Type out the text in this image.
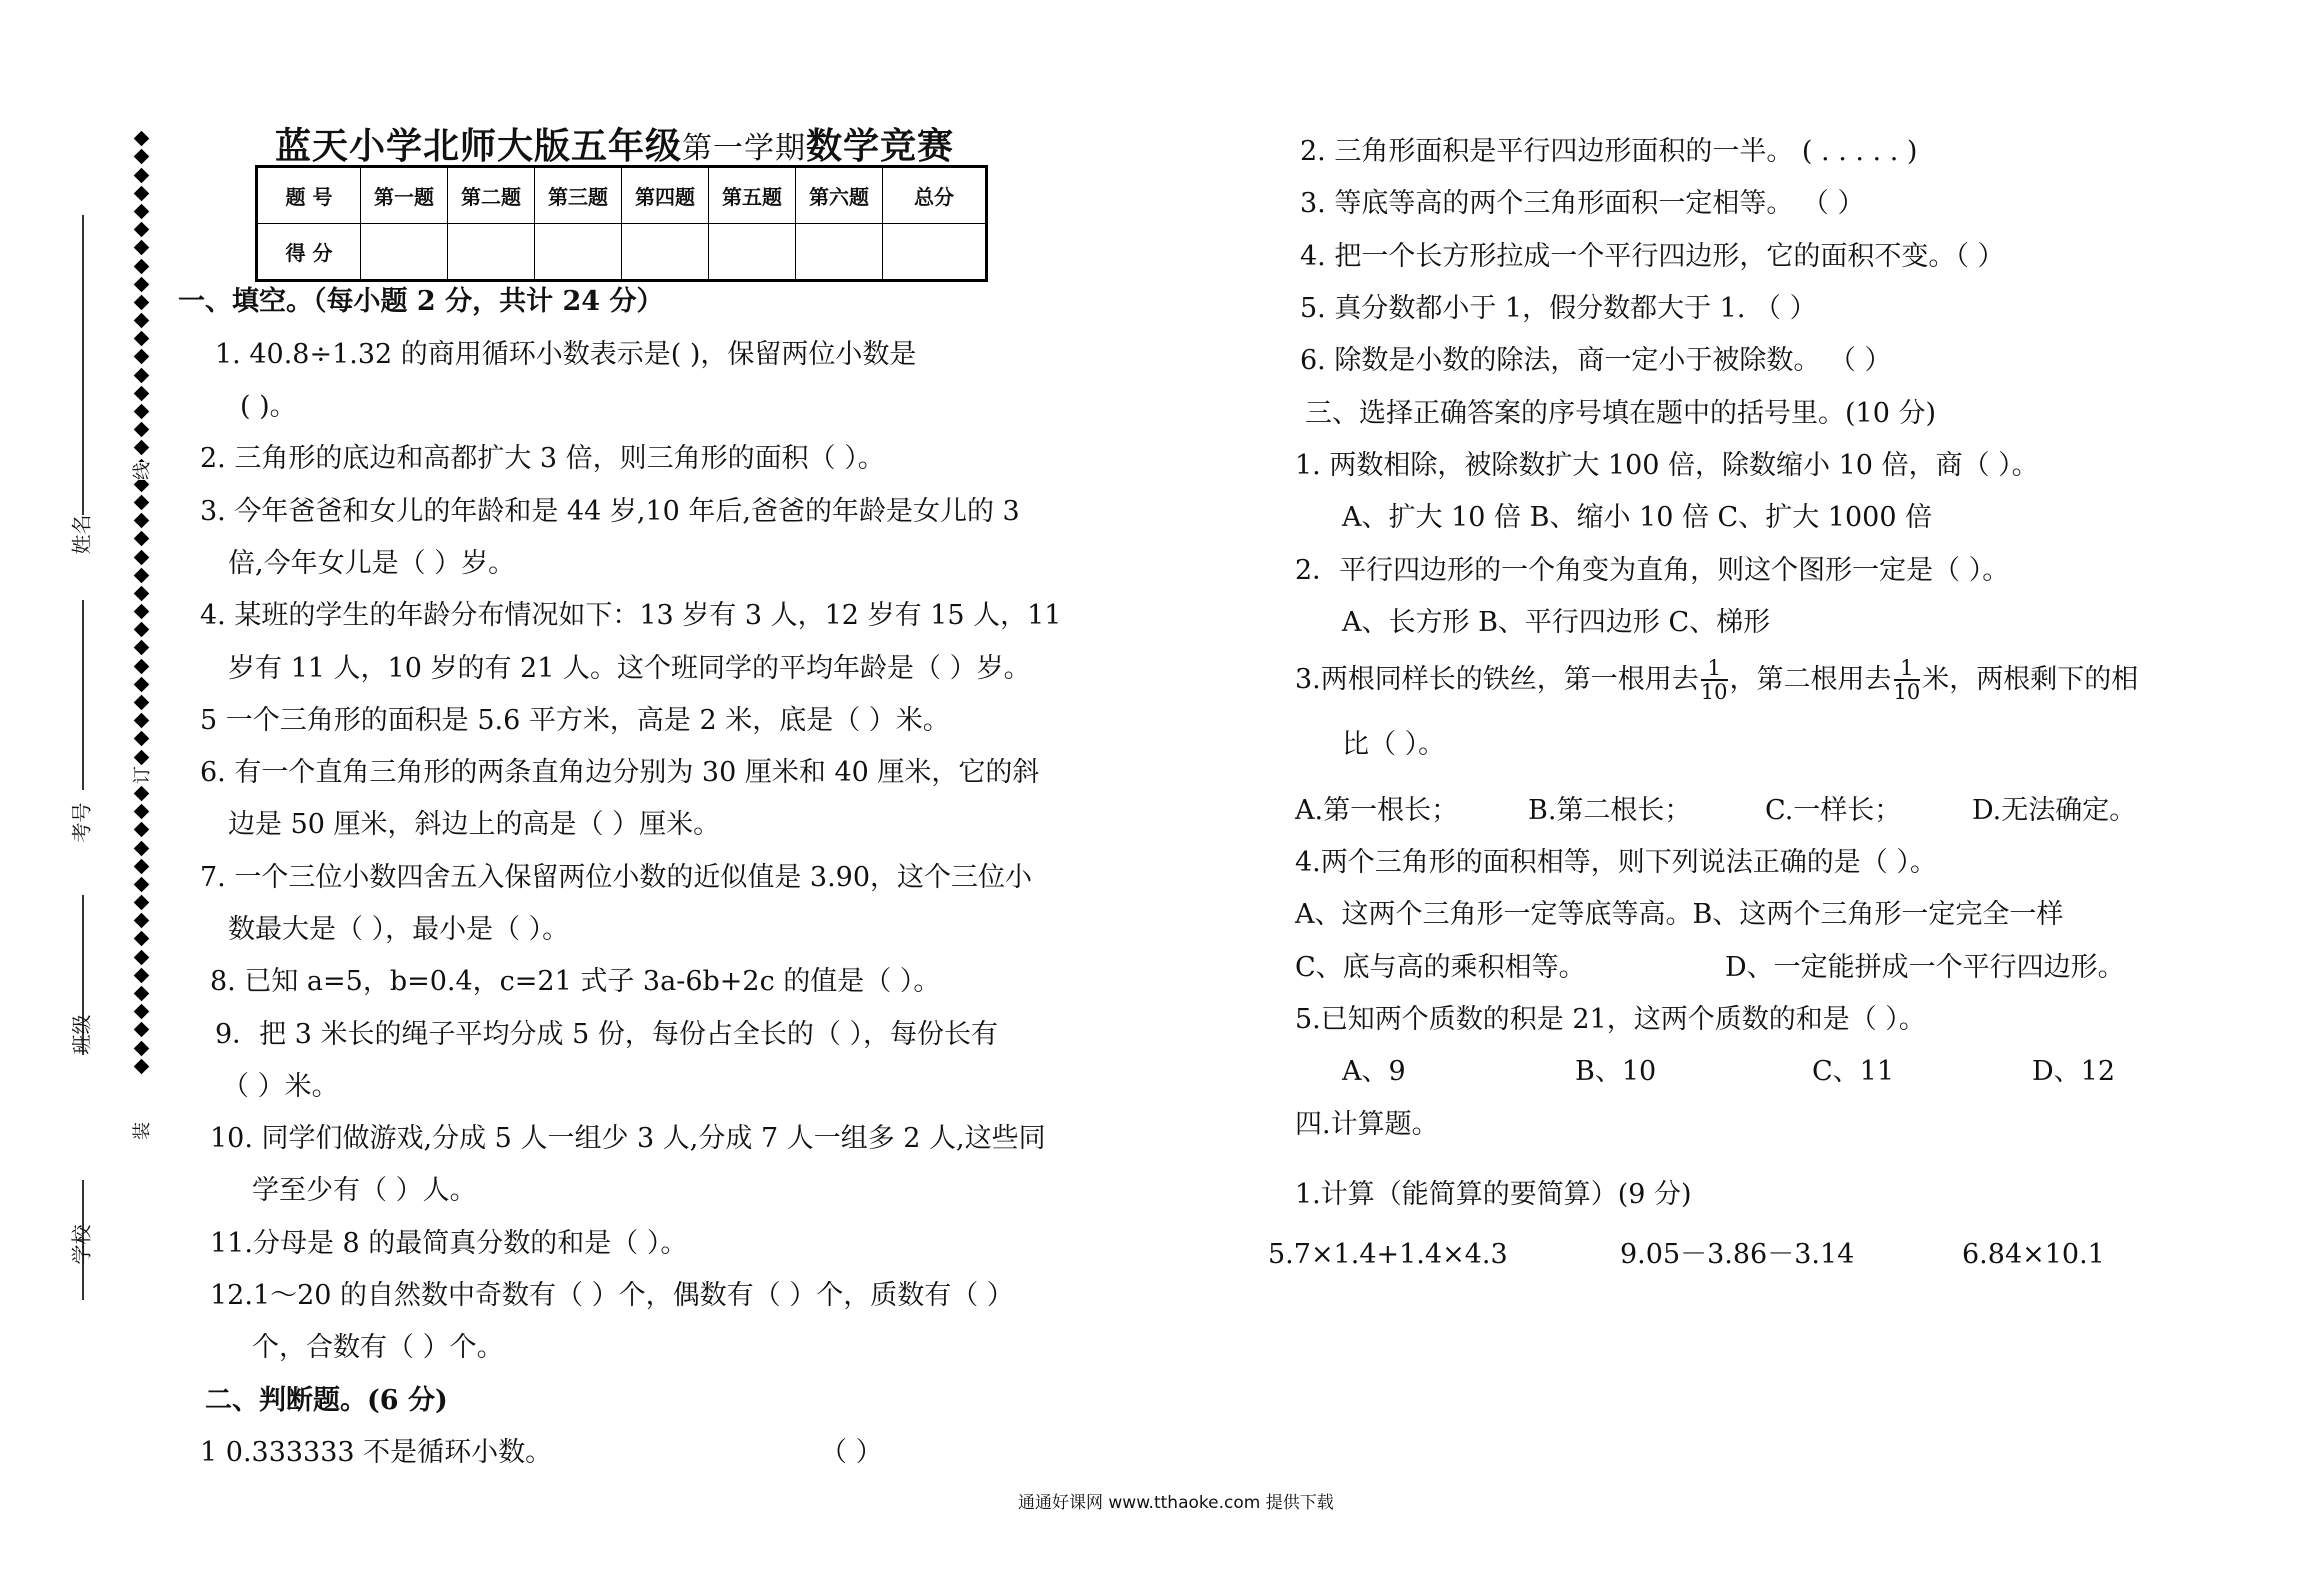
姓名
考号
班级
学校
线
订
装
蓝天小学北师大版五年级第一学期数学竞赛
题 号	第一题	第二题	第三题	第四题	第五题	第六题	总分
得 分							
一、填空。（每小题 2 分，共计 24 分）
1. 40.8÷1.32 的商用循环小数表示是( )，保留两位小数是
( )。
2. 三角形的底边和高都扩大 3 倍，则三角形的面积（ ）。
3. 今年爸爸和女儿的年龄和是 44 岁,10 年后,爸爸的年龄是女儿的 3
倍,今年女儿是（ ）岁。
4. 某班的学生的年龄分布情况如下：13 岁有 3 人，12 岁有 15 人，11
岁有 11 人，10 岁的有 21 人。这个班同学的平均年龄是（ ）岁。
5 一个三角形的面积是 5.6 平方米，高是 2 米，底是（ ）米。
6. 有一个直角三角形的两条直角边分别为 30 厘米和 40 厘米，它的斜
边是 50 厘米，斜边上的高是（ ）厘米。
7. 一个三位小数四舍五入保留两位小数的近似值是 3.90，这个三位小
数最大是（ ），最小是（ ）。
8. 已知 a=5，b=0.4，c=21 式子 3a-6b+2c 的值是（ ）。
9．把 3 米长的绳子平均分成 5 份，每份占全长的（ ），每份长有
（ ）米。
10. 同学们做游戏,分成 5 人一组少 3 人,分成 7 人一组多 2 人,这些同
学至少有（ ）人。
11.分母是 8 的最简真分数的和是（ ）。
12.1～20 的自然数中奇数有（ ）个，偶数有（ ）个，质数有（ ）
个，合数有（ ）个。
二、判断题。(6 分)
1 0.333333 不是循环小数。	（ ）
2. 三角形面积是平行四边形面积的一半。 ( . . . . . )
3. 等底等高的两个三角形面积一定相等。 （ ）
4. 把一个长方形拉成一个平行四边形，它的面积不变。（ ）
5. 真分数都小于 1，假分数都大于 1. （ ）
6. 除数是小数的除法，商一定小于被除数。 （ ）
三、选择正确答案的序号填在题中的括号里。(10 分)
1. 两数相除，被除数扩大 100 倍，除数缩小 10 倍，商（ ）。
A、扩大 10 倍 B、缩小 10 倍 C、扩大 1000 倍
2．平行四边形的一个角变为直角，则这个图形一定是（ ）。
A、长方形 B、平行四边形 C、梯形
3.两根同样长的铁丝，第一根用去 $\frac{1}{10}$ ，第二根用去 $\frac{1}{10}$ 米，两根剩下的相
比（ ）。
A.第一根长；	B.第二根长；	C.一样长；	D.无法确定。
4.两个三角形的面积相等，则下列说法正确的是（ ）。
A、这两个三角形一定等底等高。B、这两个三角形一定完全一样
C、底与高的乘积相等。	D、一定能拼成一个平行四边形。
5.已知两个质数的积是 21，这两个质数的和是（ ）。
A、9	B、10	C、11	D、12
四.计算题。
1.计算（能简算的要简算）(9 分)
5.7×1.4+1.4×4.3	9.05－3.86－3.14	6.84×10.1
通通好课网 www.tthaoke.com 提供下载
